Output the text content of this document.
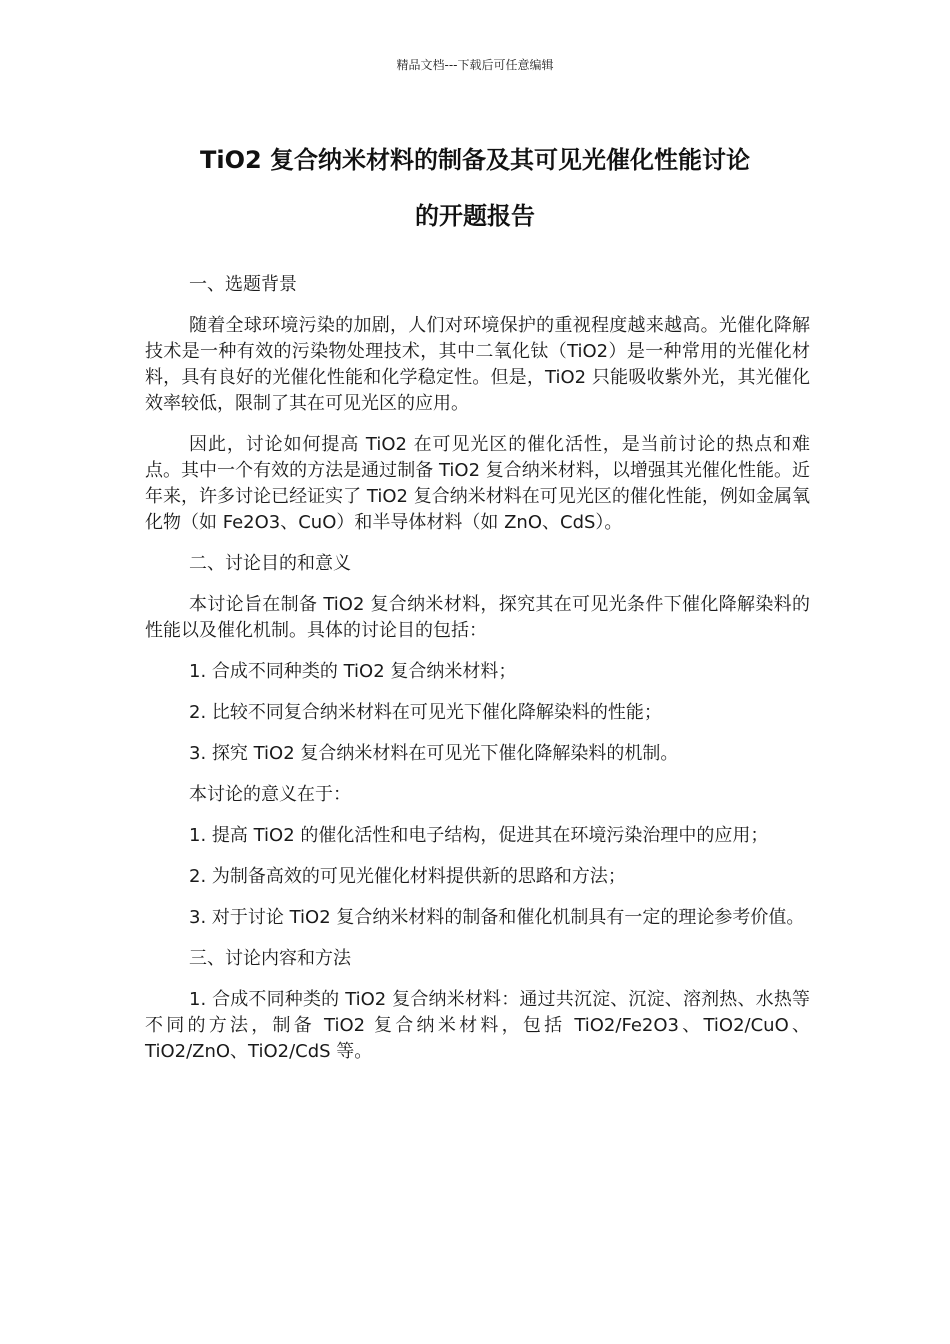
精品文档---下载后可任意编辑
TiO2 复合纳米材料的制备及其可见光催化性能讨论
的开题报告

一、选题背景

随着全球环境污染的加剧，人们对环境保护的重视程度越来越高。光催化降解技术是一种有效的污染物处理技术，其中二氧化钛（TiO2）是一种常用的光催化材料，具有良好的光催化性能和化学稳定性。但是，TiO2 只能吸收紫外光，其光催化效率较低，限制了其在可见光区的应用。

因此，讨论如何提高 TiO2 在可见光区的催化活性，是当前讨论的热点和难点。其中一个有效的方法是通过制备 TiO2 复合纳米材料，以增强其光催化性能。近年来，许多讨论已经证实了 TiO2 复合纳米材料在可见光区的催化性能，例如金属氧化物（如 Fe2O3、CuO）和半导体材料（如 ZnO、CdS）。

二、讨论目的和意义

本讨论旨在制备 TiO2 复合纳米材料，探究其在可见光条件下催化降解染料的性能以及催化机制。具体的讨论目的包括：

1. 合成不同种类的 TiO2 复合纳米材料；

2. 比较不同复合纳米材料在可见光下催化降解染料的性能；

3. 探究 TiO2 复合纳米材料在可见光下催化降解染料的机制。

本讨论的意义在于：

1. 提高 TiO2 的催化活性和电子结构，促进其在环境污染治理中的应用；

2. 为制备高效的可见光催化材料提供新的思路和方法；

3. 对于讨论 TiO2 复合纳米材料的制备和催化机制具有一定的理论参考价值。

三、讨论内容和方法

1. 合成不同种类的 TiO2 复合纳米材料：通过共沉淀、沉淀、溶剂热、水热等不同的方法，制备 TiO2 复合纳米材料，包括 TiO2/Fe2O3、TiO2/CuO、TiO2/ZnO、TiO2/CdS 等。
